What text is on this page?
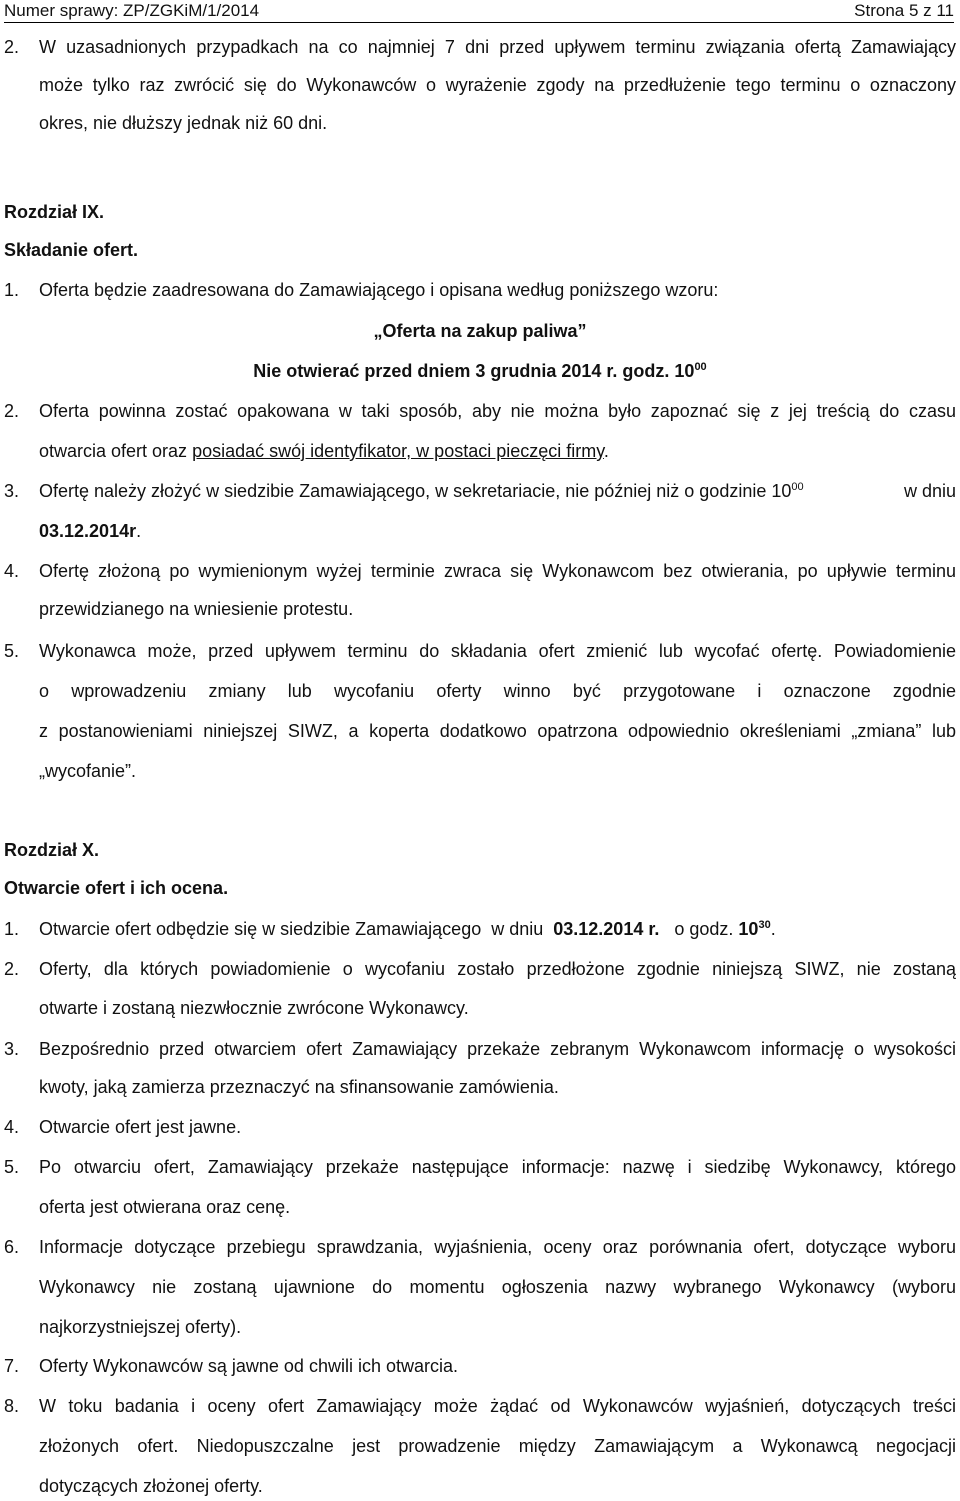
Numer sprawy: ZP/ZGKiM/1/2014	Strona 5 z 11
2. W uzasadnionych przypadkach na co najmniej 7 dni przed upływem terminu związania ofertą Zamawiający
może tylko raz zwrócić się do Wykonawców o wyrażenie zgody na przedłużenie tego terminu o oznaczony
okres, nie dłuższy jednak niż 60 dni.
Rozdział IX.
Składanie ofert.
1. Oferta będzie zaadresowana do Zamawiającego i opisana według poniższego wzoru:
„Oferta na zakup paliwa”
Nie otwierać przed dniem 3 grudnia 2014 r. godz. $10^{00}$
2. Oferta powinna zostać opakowana w taki sposób, aby nie można było zapoznać się z jej treścią do czasu
otwarcia ofert oraz posiadać swój identyfikator, w postaci pieczęci firmy.
3. Ofertę należy złożyć w siedzibie Zamawiającego, w sekretariacie, nie później niż o godzinie $10^{00}$	w dniu
03.12.2014r.
4. Ofertę złożoną po wymienionym wyżej terminie zwraca się Wykonawcom bez otwierania, po upływie terminu
przewidzianego na wniesienie protestu.
5. Wykonawca może, przed upływem terminu do składania ofert zmienić lub wycofać ofertę. Powiadomienie
o wprowadzeniu zmiany lub wycofaniu oferty winno być przygotowane i oznaczone zgodnie
z postanowieniami niniejszej SIWZ, a koperta dodatkowo opatrzona odpowiednio określeniami „zmiana” lub
„wycofanie”.
Rozdział X.
Otwarcie ofert i ich ocena.
1. Otwarcie ofert odbędzie się w siedzibie Zamawiającego  w dniu  03.12.2014 r.   o godz. $10^{30}$.
2. Oferty, dla których powiadomienie o wycofaniu zostało przedłożone zgodnie niniejszą SIWZ, nie zostaną
otwarte i zostaną niezwłocznie zwrócone Wykonawcy.
3. Bezpośrednio przed otwarciem ofert Zamawiający przekaże zebranym Wykonawcom informację o wysokości
kwoty, jaką zamierza przeznaczyć na sfinansowanie zamówienia.
4. Otwarcie ofert jest jawne.
5. Po otwarciu ofert, Zamawiający przekaże następujące informacje: nazwę i siedzibę Wykonawcy, którego
oferta jest otwierana oraz cenę.
6. Informacje dotyczące przebiegu sprawdzania, wyjaśnienia, oceny oraz porównania ofert, dotyczące wyboru
Wykonawcy nie zostaną ujawnione do momentu ogłoszenia nazwy wybranego Wykonawcy (wyboru
najkorzystniejszej oferty).
7. Oferty Wykonawców są jawne od chwili ich otwarcia.
8. W toku badania i oceny ofert Zamawiający może żądać od Wykonawców wyjaśnień, dotyczących treści
złożonych ofert. Niedopuszczalne jest prowadzenie między Zamawiającym a Wykonawcą negocjacji
dotyczących złożonej oferty.
